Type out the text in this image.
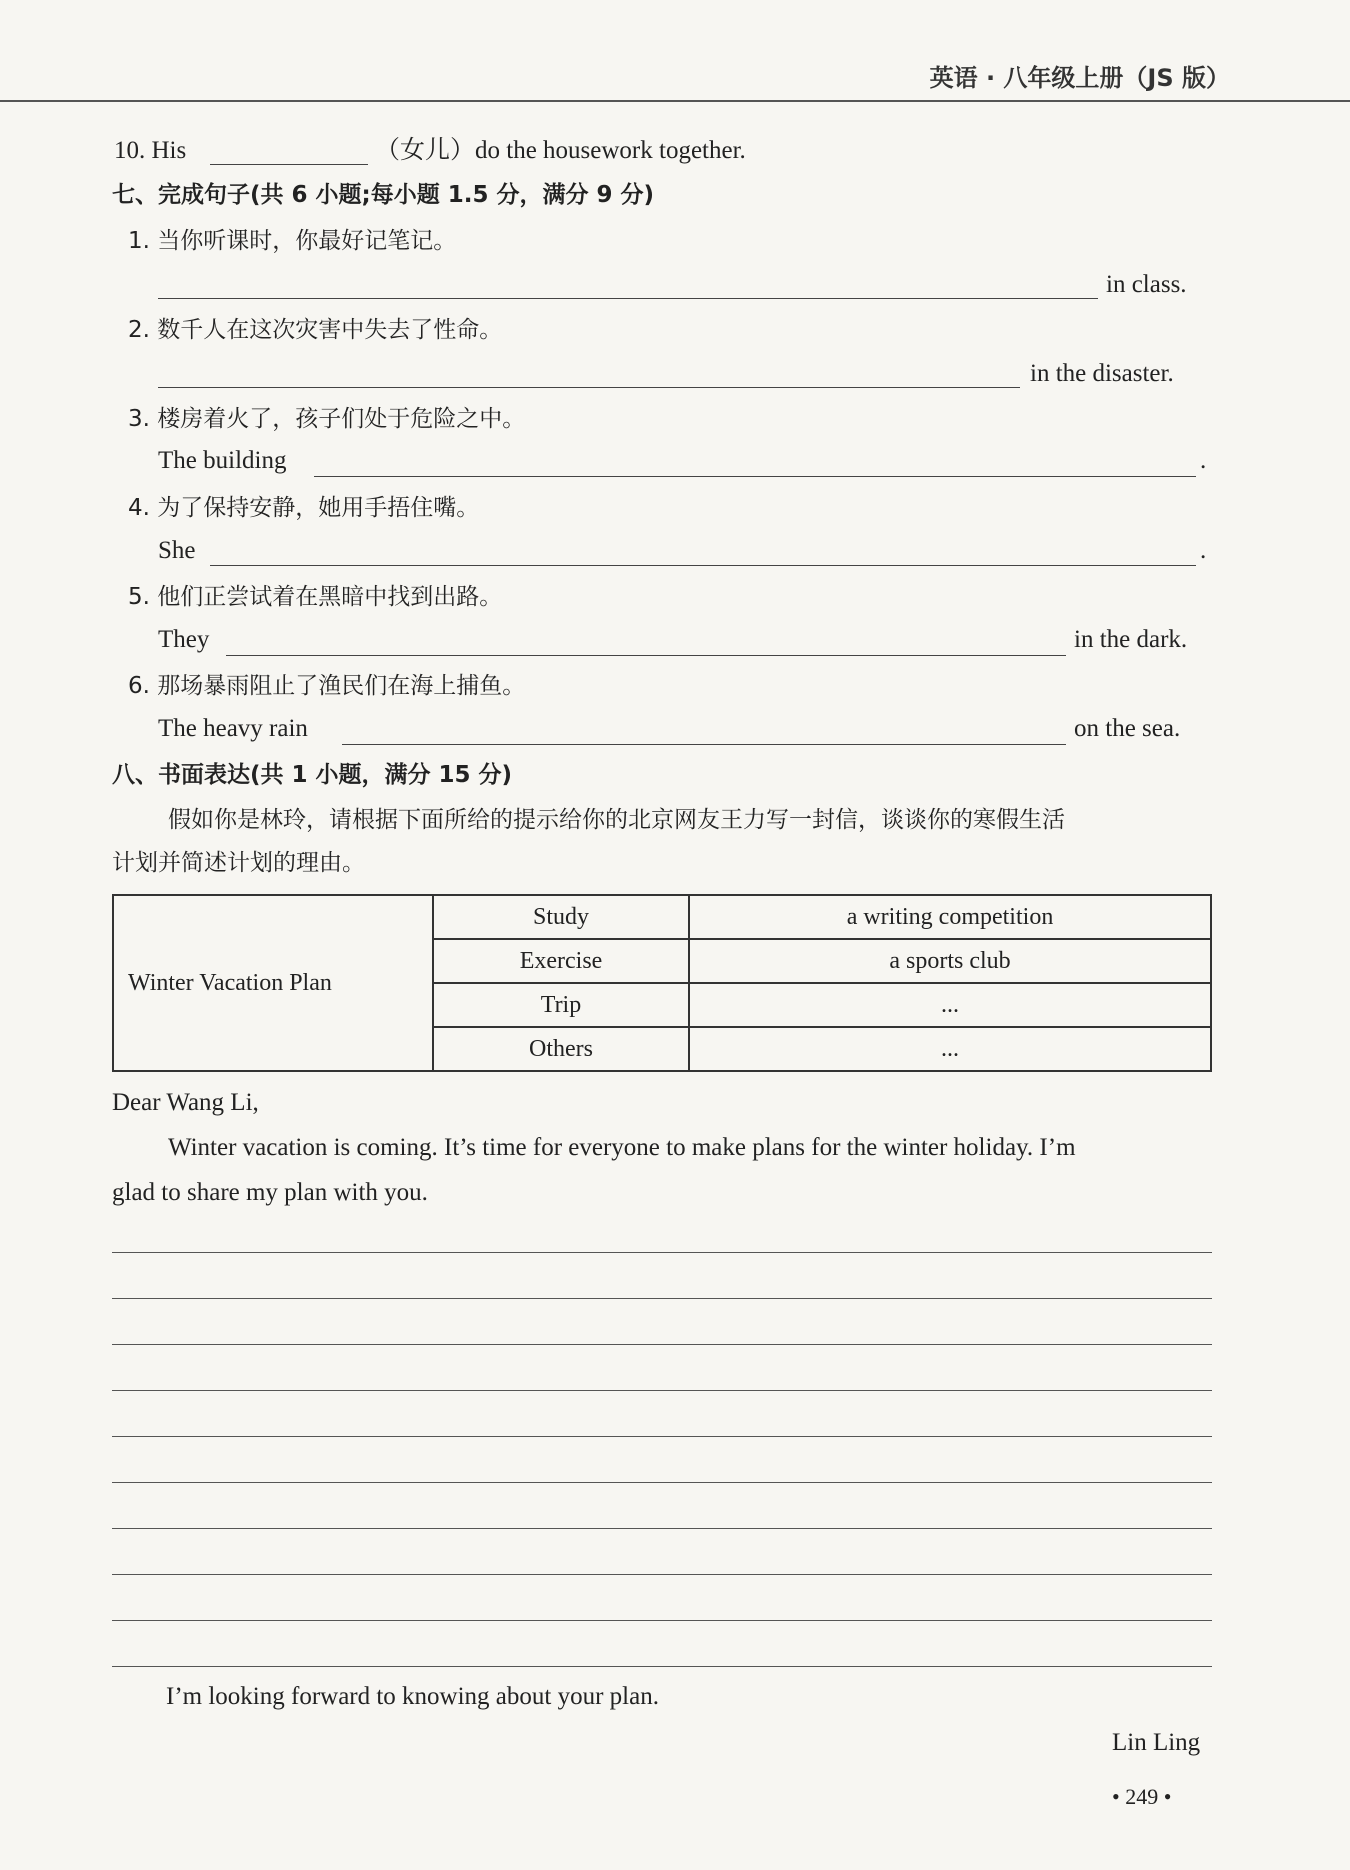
英语 · 八年级上册（JS 版）
10. His	（女儿）do the housework together.
七、完成句子(共 6 小题;每小题 1.5 分，满分 9 分)
1. 当你听课时，你最好记笔记。
in class.
2. 数千人在这次灾害中失去了性命。
in the disaster.
3. 楼房着火了，孩子们处于危险之中。
The building	.
4. 为了保持安静，她用手捂住嘴。
She	.
5. 他们正尝试着在黑暗中找到出路。
They	in the dark.
6. 那场暴雨阻止了渔民们在海上捕鱼。
The heavy rain	on the sea.
八、书面表达(共 1 小题，满分 15 分)
假如你是林玲，请根据下面所给的提示给你的北京网友王力写一封信，谈谈你的寒假生活
计划并简述计划的理由。
Winter Vacation Plan	Study	a writing competition
	Exercise	a sports club
	Trip	...
	Others	...
Dear Wang Li,
Winter vacation is coming. It’s time for everyone to make plans for the winter holiday. I’m
glad to share my plan with you.
I’m looking forward to knowing about your plan.
Lin Ling
• 249 •
